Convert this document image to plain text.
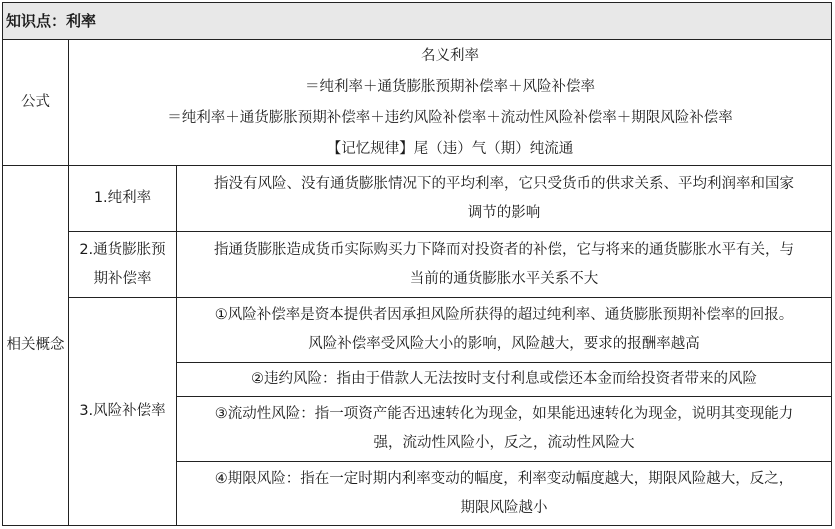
知识点：利率
公式
名义利率
＝纯利率＋通货膨胀预期补偿率＋风险补偿率
＝纯利率＋通货膨胀预期补偿率＋违约风险补偿率＋流动性风险补偿率＋期限风险补偿率
【记忆规律】尾（违）气（期）纯流通
相关概念
1.纯利率
指没有风险、没有通货膨胀情况下的平均利率，它只受货币的供求关系、平均利润率和国家
调节的影响
2.通货膨胀预
期补偿率
指通货膨胀造成货币实际购买力下降而对投资者的补偿，它与将来的通货膨胀水平有关，与
当前的通货膨胀水平关系不大
3.风险补偿率
①风险补偿率是资本提供者因承担风险所获得的超过纯利率、通货膨胀预期补偿率的回报。
风险补偿率受风险大小的影响，风险越大，要求的报酬率越高
②违约风险：指由于借款人无法按时支付利息或偿还本金而给投资者带来的风险
③流动性风险：指一项资产能否迅速转化为现金，如果能迅速转化为现金，说明其变现能力
强，流动性风险小，反之，流动性风险大
④期限风险：指在一定时期内利率变动的幅度，利率变动幅度越大，期限风险越大，反之，
期限风险越小
